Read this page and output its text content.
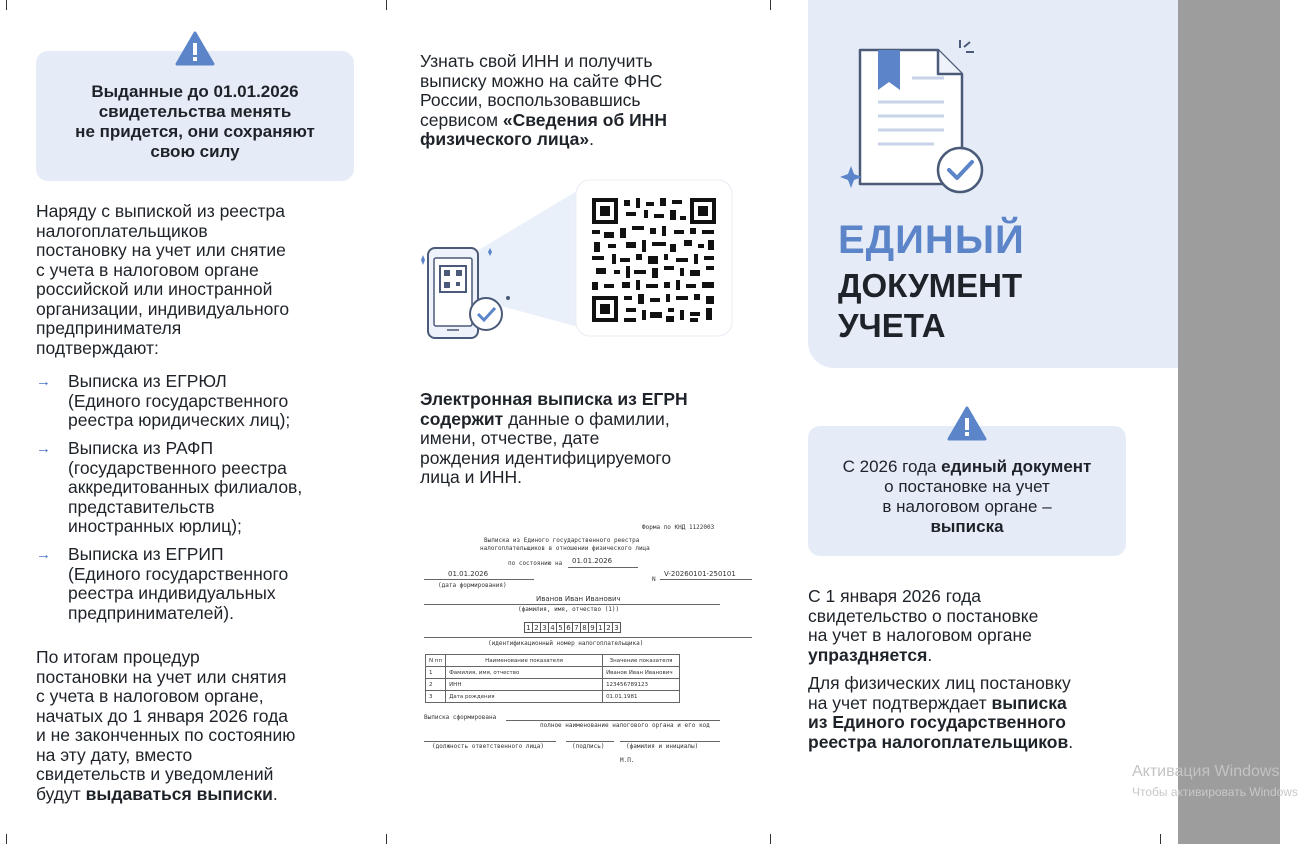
Выданные до 01.01.2026
свидетельства менять
не придется, они сохраняют
свою силу
Наряду с выпиской из реестра
налогоплательщиков
постановку на учет или снятие
с учета в налоговом органе
российской или иностранной
организации, индивидуального
предпринимателя
подтверждают:
→ Выписка из ЕГРЮЛ
(Единого государственного
реестра юридических лиц);
→ Выписка из РАФП
(государственного реестра
аккредитованных филиалов,
представительств
иностранных юрлиц);
→ Выписка из ЕГРИП
(Единого государственного
реестра индивидуальных
предпринимателей).
По итогам процедур
постановки на учет или снятия
с учета в налоговом органе,
начатых до 1 января 2026 года
и не законченных по состоянию
на эту дату, вместо
свидетельств и уведомлений
будут выдаваться выписки.
Узнать свой ИНН и получить
выписку можно на сайте ФНС
России, воспользовавшись
сервисом «Сведения об ИНН
физического лица».
Электронная выписка из ЕГРН
содержит данные о фамилии,
имени, отчестве, дате
рождения идентифицируемого
лица и ИНН.
Форма по КНД 1122003
Выписка из Единого государственного реестра
налогоплательщиков в отношении физического лица
по состоянию на 01.01.2026
01.01.2026
(дата формирования)
N
V-20260101-250101
Иванов Иван Иванович
(фамилия, имя, отчество (1))
1 2 3 4 5 6 7 8 9 1 2 3
(идентификационный номер налогоплательщика)
N пп	Наименование показателя	Значение показателя
1	Фамилия, имя, отчество	Иванов Иван Иванович
2	ИНН	123456789123
3	Дата рождения	01.01.1981
Выписка сформирована
полное наименование налогового органа и его код
(должность ответственного лица)	(подпись)	(фамилия и инициалы)
М.П.
ЕДИНЫЙ
ДОКУМЕНТ
УЧЕТА
С 2026 года единый документ
о постановке на учет
в налоговом органе –
выписка
С 1 января 2026 года
свидетельство о постановке
на учет в налоговом органе
упраздняется.
Для физических лиц постановку
на учет подтверждает выписка
из Единого государственного
реестра налогоплательщиков.
Активация Windows
Чтобы активировать Windows
